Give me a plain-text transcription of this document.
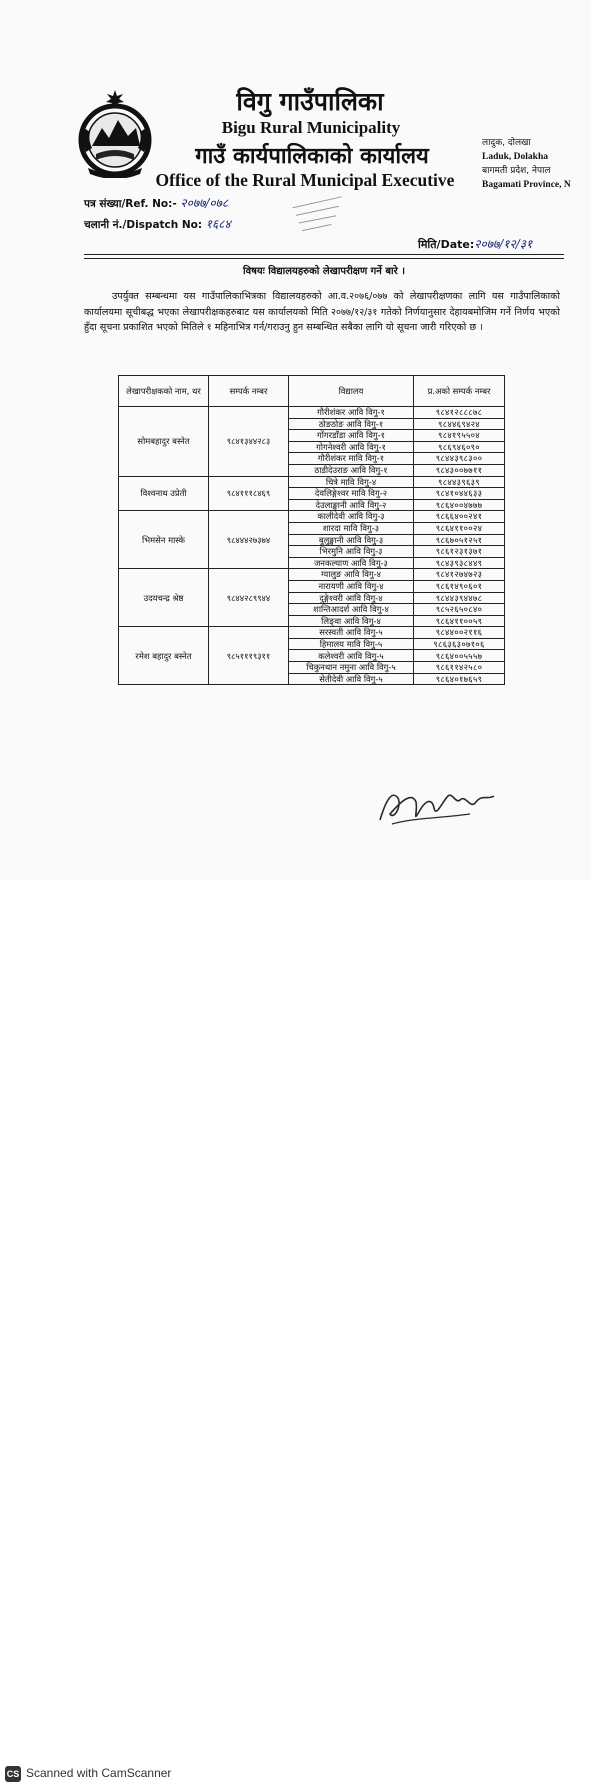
विगु गाउँपालिका
Bigu Rural Municipality
गाउँ कार्यपालिकाको कार्यालय
Office of the Rural Municipal Executive
लादुक, दोलखा
Laduk, Dolakha
बागमती प्रदेश, नेपाल
Bagamati Province, N
पत्र संख्या/Ref. No:- २०७७/०७८
चलानी नं./Dispatch No: १६८४
मिति/Date:२०७७/१२/३१
विषयः विद्यालयहरुको लेखापरीक्षण गर्ने बारे ।

उपर्युक्त सम्बन्धमा यस गाउँपालिकाभित्रका विद्यालयहरुको आ.व.२०७६/०७७ को लेखापरीक्षणका लागि यस गाउँपालिकाको कार्यालयमा सूचीबद्ध भएका लेखापरीक्षकहरुबाट यस कार्यालयको मिति २०७७/१२/३१ गतेको निर्णयानुसार देहायबमोजिम गर्ने निर्णय भएको हुँदा सूचना प्रकाशित भएको मितिले १ महिनाभित्र गर्न/गराउनु हुन सम्बन्धित सबैका लागि यो सूचना जारी गरिएको छ ।

लेखापरीक्षकको नाम, थर	सम्पर्क नम्बर	विद्यालय	प्र.अको सम्पर्क नम्बर
सोमबहादुर बस्नेत	९८४१३४४२८३	गौरीशंकर आवि विगु-१	९८४१२८८८७८
		ठोङठोङ आवि विगु-१	९८४४६९४२४
		गोंगरडाँडा आवि विगु-१	९८४१९५५०४
		गोगनेश्वरी आवि विगु-१	९८६९४६०९०
		गौरीशंकर मावि विगु-१	९८४४३९८३००
		ठाडीदेउराङ आवि विगु-१	९८४३००७७११
विश्वनाथ उप्रेती	९८४१११८४६९	चित्रे मावि विगु-४	९८४४३९६३९
		देवलिङ्गेश्वर मावि विगु-२	९८४१०४४६३३
		देउलाङ्खानी आवि विगु-२	९८६४००४७७७
भिमसेन मास्के	९८४४४२७३७४	कालीदेवी आवि विगु-३	९८६६४००२४१
		शारदा मावि विगु-३	९८६४११००२४
		बुलुङ्खानी आवि विगु-३	९८६७०५१२५१
		भिरमुनि आवि विगु-३	९८६१२३१३७१
		जनकल्याण आवि विगु-३	९८४३९३८४४९
उदयचन्द्र श्रेष्ठ	९८४४२८९९४४	ग्यालुङ आवि विगु-४	९८४१२७४७२३
		नारायणी आवि विगु-४	९८६१४९०६०१
		दुङ्गेश्वरी आवि विगु-४	९८४४३९४४७८
		शान्तिआदर्श आवि विगु-४	९८५२६५०८४०
		लिङ्वा आवि विगु-४	९८६४११००५९
रमेश बहादुर बस्नेत	९८५१११९३११	सरस्वती आवि विगु-५	९८४४००२११६
		हिमालय मावि विगु-५	९८६३६३०७१०६
		कलेश्वरी आवि विगु-५	९८६४००५५५७
		चिकुनथान नमुना आवि विगु-५	९८६११४२५८०
		सेतीदेवी आवि विगु-५	९८६४०१७६५९
CS Scanned with CamScanner
